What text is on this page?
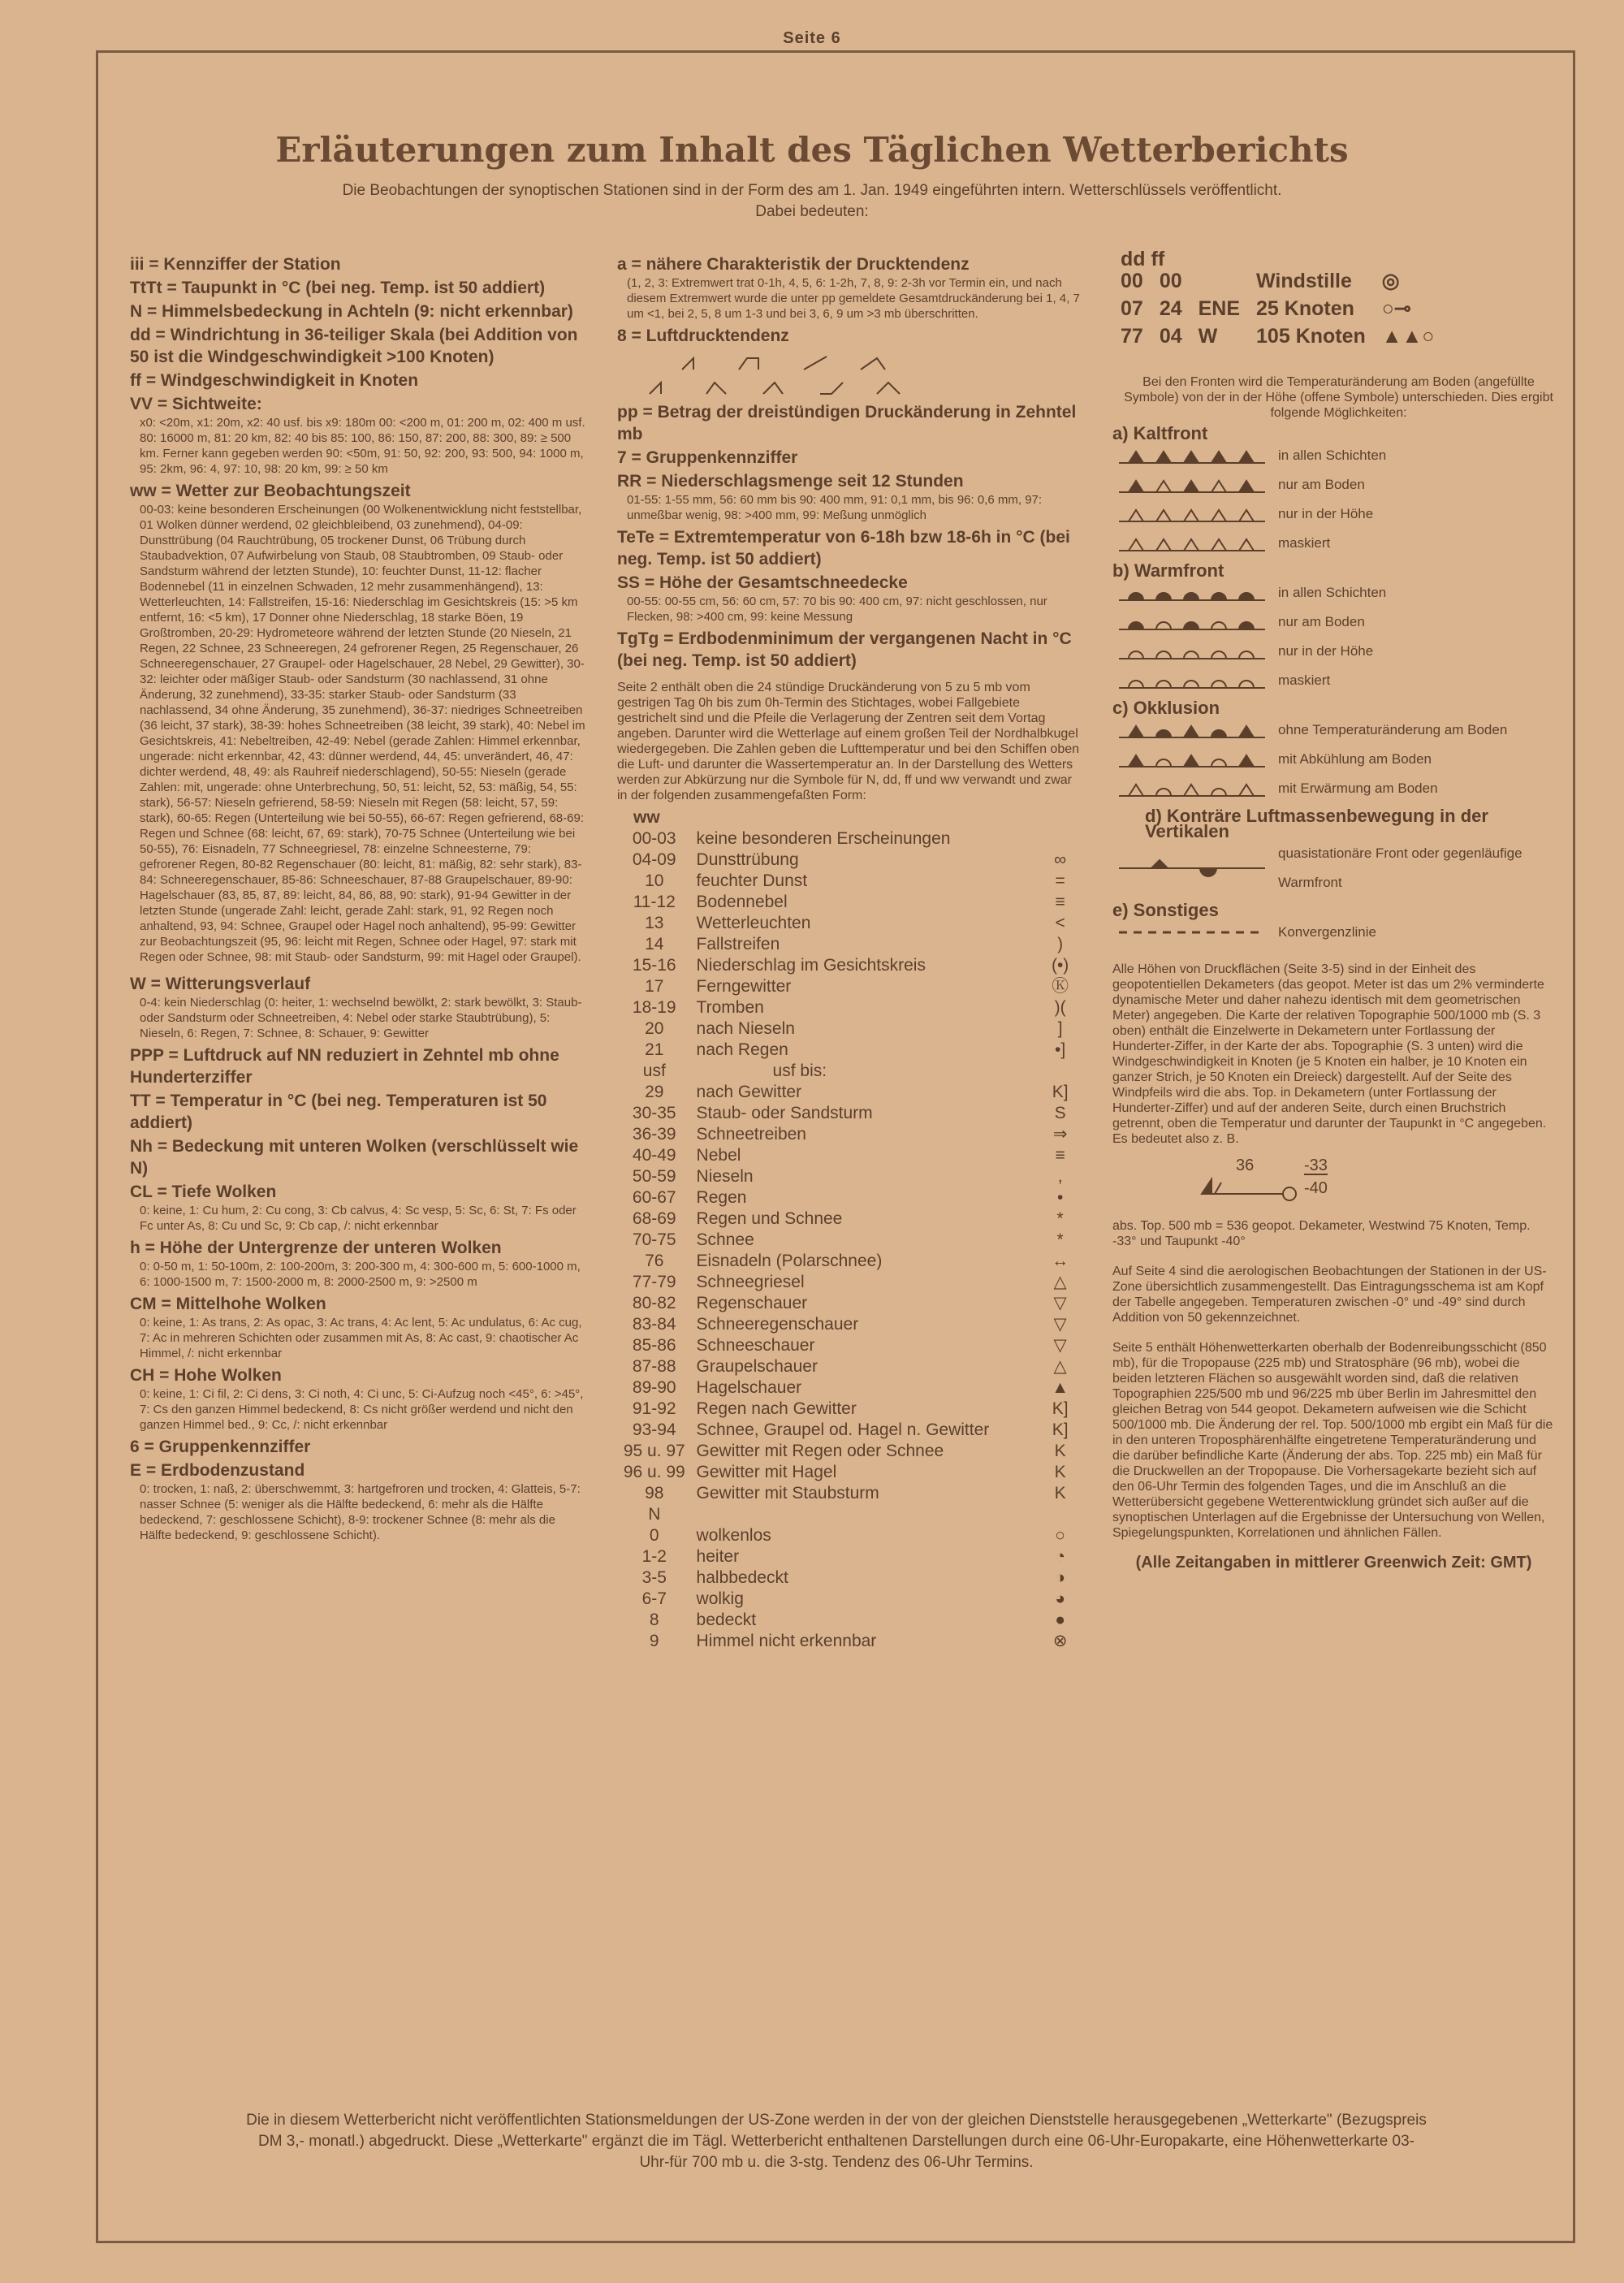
Seite 6
Erläuterungen zum Inhalt des Täglichen Wetterberichts
Die Beobachtungen der synoptischen Stationen sind in der Form des am 1. Jan. 1949 eingeführten intern. Wetterschlüssels veröffentlicht.
Dabei bedeuten:
iii = Kennziffer der Station
TtTt = Taupunkt in °C (bei neg. Temp. ist 50 addiert)
N = Himmelsbedeckung in Achteln (9: nicht erkennbar)
dd = Windrichtung in 36-teiliger Skala (bei Addition von 50 ist die Windgeschwindigkeit >100 Knoten)
ff = Windgeschwindigkeit in Knoten
VV = Sichtweite:
x0: <20m, x1: 20m, x2: 40 usf. bis x9: 180m 00: <200 m, 01: 200 m, 02: 400 m usf. 80: 16000 m, 81: 20 km, 82: 40 bis 85: 100, 86: 150, 87: 200, 88: 300, 89: ≥ 500 km. Ferner kann gegeben werden 90: <50m, 91: 50, 92: 200, 93: 500, 94: 1000 m, 95: 2km, 96: 4, 97: 10, 98: 20 km, 99: ≥ 50 km
ww = Wetter zur Beobachtungszeit
00-03: keine besonderen Erscheinungen (00 Wolkenentwicklung nicht feststellbar, 01 Wolken dünner werdend, 02 gleichbleibend, 03 zunehmend), 04-09: Dunsttrübung (04 Rauchtrübung, 05 trockener Dunst, 06 Trübung durch Staubadvektion, 07 Aufwirbelung von Staub, 08 Staubtromben, 09 Staub- oder Sandsturm während der letzten Stunde), 10: feuchter Dunst, 11-12: flacher Bodennebel (11 in einzelnen Schwaden, 12 mehr zusammenhängend), 13: Wetterleuchten, 14: Fallstreifen, 15-16: Niederschlag im Gesichtskreis (15: >5 km entfernt, 16: <5 km), 17 Donner ohne Niederschlag, 18 starke Böen, 19 Großtromben, 20-29: Hydrometeore während der letzten Stunde (20 Nieseln, 21 Regen, 22 Schnee, 23 Schneeregen, 24 gefrorener Regen, 25 Regenschauer, 26 Schneeregenschauer, 27 Graupel- oder Hagelschauer, 28 Nebel, 29 Gewitter), 30-32: leichter oder mäßiger Staub- oder Sandsturm (30 nachlassend, 31 ohne Änderung, 32 zunehmend), 33-35: starker Staub- oder Sandsturm (33 nachlassend, 34 ohne Änderung, 35 zunehmend), 36-37: niedriges Schneetreiben (36 leicht, 37 stark), 38-39: hohes Schneetreiben (38 leicht, 39 stark), 40: Nebel im Gesichtskreis, 41: Nebeltreiben, 42-49: Nebel (gerade Zahlen: Himmel erkennbar, ungerade: nicht erkennbar, 42, 43: dünner werdend, 44, 45: unverändert, 46, 47: dichter werdend, 48, 49: als Rauhreif niederschlagend), 50-55: Nieseln (gerade Zahlen: mit, ungerade: ohne Unterbrechung, 50, 51: leicht, 52, 53: mäßig, 54, 55: stark), 56-57: Nieseln gefrierend, 58-59: Nieseln mit Regen (58: leicht, 57, 59: stark), 60-65: Regen (Unterteilung wie bei 50-55), 66-67: Regen gefrierend, 68-69: Regen und Schnee (68: leicht, 67, 69: stark), 70-75 Schnee (Unterteilung wie bei 50-55), 76: Eisnadeln, 77 Schneegriesel, 78: einzelne Schneesterne, 79: gefrorener Regen, 80-82 Regenschauer (80: leicht, 81: mäßig, 82: sehr stark), 83-84: Schneeregenschauer, 85-86: Schneeschauer, 87-88 Graupelschauer, 89-90: Hagelschauer (83, 85, 87, 89: leicht, 84, 86, 88, 90: stark), 91-94 Gewitter in der letzten Stunde (ungerade Zahl: leicht, gerade Zahl: stark, 91, 92 Regen noch anhaltend, 93, 94: Schnee, Graupel oder Hagel noch anhaltend), 95-99: Gewitter zur Beobachtungszeit (95, 96: leicht mit Regen, Schnee oder Hagel, 97: stark mit Regen oder Schnee, 98: mit Staub- oder Sandsturm, 99: mit Hagel oder Graupel).
W = Witterungsverlauf
0-4: kein Niederschlag (0: heiter, 1: wechselnd bewölkt, 2: stark bewölkt, 3: Staub- oder Sandsturm oder Schneetreiben, 4: Nebel oder starke Staubtrübung), 5: Nieseln, 6: Regen, 7: Schnee, 8: Schauer, 9: Gewitter
PPP = Luftdruck auf NN reduziert in Zehntel mb ohne Hunderterziffer
TT = Temperatur in °C (bei neg. Temperaturen ist 50 addiert)
Nh = Bedeckung mit unteren Wolken (verschlüsselt wie N)
CL = Tiefe Wolken
0: keine, 1: Cu hum, 2: Cu cong, 3: Cb calvus, 4: Sc vesp, 5: Sc, 6: St, 7: Fs oder Fc unter As, 8: Cu und Sc, 9: Cb cap, /: nicht erkennbar
h = Höhe der Untergrenze der unteren Wolken
0: 0-50 m, 1: 50-100m, 2: 100-200m, 3: 200-300 m, 4: 300-600 m, 5: 600-1000 m, 6: 1000-1500 m, 7: 1500-2000 m, 8: 2000-2500 m, 9: >2500 m
CM = Mittelhohe Wolken
0: keine, 1: As trans, 2: As opac, 3: Ac trans, 4: Ac lent, 5: Ac undulatus, 6: Ac cug, 7: Ac in mehreren Schichten oder zusammen mit As, 8: Ac cast, 9: chaotischer Ac Himmel, /: nicht erkennbar
CH = Hohe Wolken
0: keine, 1: Ci fil, 2: Ci dens, 3: Ci noth, 4: Ci unc, 5: Ci-Aufzug noch <45°, 6: >45°, 7: Cs den ganzen Himmel bedeckend, 8: Cs nicht größer werdend und nicht den ganzen Himmel bed., 9: Cc, /: nicht erkennbar
6 = Gruppenkennziffer
E = Erdbodenzustand
0: trocken, 1: naß, 2: überschwemmt, 3: hartgefroren und trocken, 4: Glatteis, 5-7: nasser Schnee (5: weniger als die Hälfte bedeckend, 6: mehr als die Hälfte bedeckend, 7: geschlossene Schicht), 8-9: trockener Schnee (8: mehr als die Hälfte bedeckend, 9: geschlossene Schicht).
a = nähere Charakteristik der Drucktendenz
(1, 2, 3: Extremwert trat 0-1h, 4, 5, 6: 1-2h, 7, 8, 9: 2-3h vor Termin ein, und nach diesem Extremwert wurde die unter pp gemeldete Gesamtdruckänderung bei 1, 4, 7 um <1, bei 2, 5, 8 um 1-3 und bei 3, 6, 9 um >3 mb überschritten.
8 = Luftdrucktendenz
pp = Betrag der dreistündigen Druckänderung in Zehntel mb
7 = Gruppenkennziffer
RR = Niederschlagsmenge seit 12 Stunden
01-55: 1-55 mm, 56: 60 mm bis 90: 400 mm, 91: 0,1 mm, bis 96: 0,6 mm, 97: unmeßbar wenig, 98: >400 mm, 99: Meßung unmöglich
TeTe = Extremtemperatur von 6-18h bzw 18-6h in °C (bei neg. Temp. ist 50 addiert)
SS = Höhe der Gesamtschneedecke
00-55: 00-55 cm, 56: 60 cm, 57: 70 bis 90: 400 cm, 97: nicht geschlossen, nur Flecken, 98: >400 cm, 99: keine Messung
TgTg = Erdbodenminimum der vergangenen Nacht in °C (bei neg. Temp. ist 50 addiert)
Seite 2 enthält oben die 24 stündige Druckänderung von 5 zu 5 mb vom gestrigen Tag 0h bis zum 0h-Termin des Stichtages, wobei Fallgebiete gestrichelt sind und die Pfeile die Verlagerung der Zentren seit dem Vortag angeben. Darunter wird die Wetterlage auf einem großen Teil der Nordhalbkugel wiedergegeben. Die Zahlen geben die Lufttemperatur und bei den Schiffen oben die Luft- und darunter die Wassertemperatur an. In der Darstellung des Wetters werden zur Abkürzung nur die Symbole für N, dd, ff und ww verwandt und zwar in der folgenden zusammengefaßten Form:
ww
00-03	keine besonderen Erscheinungen	
04-09	Dunsttrübung	∞
10	feuchter Dunst	=
11-12	Bodennebel	≡
13	Wetterleuchten	<
14	Fallstreifen	)
15-16	Niederschlag im Gesichtskreis	(•)
17	Ferngewitter	Ⓚ
18-19	Tromben	)(
20	nach Nieseln	]
21	nach Regen	•]
usf	usf bis:	
29	nach Gewitter	K]
30-35	Staub- oder Sandsturm	S
36-39	Schneetreiben	⇒
40-49	Nebel	≡
50-59	Nieseln	,
60-67	Regen	•
68-69	Regen und Schnee	*
70-75	Schnee	*
76	Eisnadeln (Polarschnee)	↔
77-79	Schneegriesel	△
80-82	Regenschauer	▽
83-84	Schneeregenschauer	▽
85-86	Schneeschauer	▽
87-88	Graupelschauer	△
89-90	Hagelschauer	▲
91-92	Regen nach Gewitter	K]
93-94	Schnee, Graupel od. Hagel n. Gewitter	K]
95 u. 97	Gewitter mit Regen oder Schnee	K
96 u. 99	Gewitter mit Hagel	K
98	Gewitter mit Staubsturm	K
N		
0	wolkenlos	○
1-2	heiter	◔
3-5	halbbedeckt	◑
6-7	wolkig	◕
8	bedeckt	●
9	Himmel nicht erkennbar	⊗
dd ff
00	00		Windstille	◎
07	24	ENE	25 Knoten	○⊸
77	04	W	105 Knoten	▲▲○
Bei den Fronten wird die Temperaturänderung am Boden (angefüllte Symbole) von der in der Höhe (offene Symbole) unterschieden. Dies ergibt folgende Möglichkeiten:
a) Kaltfront
	in allen Schichten

	nur am Boden

	nur in der Höhe

	maskiert
b) Warmfront
	in allen Schichten

	nur am Boden

	nur in der Höhe

	maskiert
c) Okklusion
	ohne Temperaturänderung am Boden

	mit Abkühlung am Boden

	mit Erwärmung am Boden
d) Konträre Luftmassenbewegung in der Vertikalen
	quasistationäre Front oder gegenläufige Warmfront
e) Sonstiges
	Konvergenzlinie
Alle Höhen von Druckflächen (Seite 3-5) sind in der Einheit des geopotentiellen Dekameters (das geopot. Meter ist das um 2% verminderte dynamische Meter und daher nahezu identisch mit dem geometrischen Meter) angegeben. Die Karte der relativen Topographie 500/1000 mb (S. 3 oben) enthält die Einzelwerte in Dekametern unter Fortlassung der Hunderter-Ziffer, in der Karte der abs. Topographie (S. 3 unten) wird die Windgeschwindigkeit in Knoten (je 5 Knoten ein halber, je 10 Knoten ein ganzer Strich, je 50 Knoten ein Dreieck) dargestellt. Auf der Seite des Windpfeils wird die abs. Top. in Dekametern (unter Fortlassung der Hunderter-Ziffer) und auf der anderen Seite, durch einen Bruchstrich getrennt, oben die Temperatur und darunter der Taupunkt in °C angegeben. Es bedeutet also z. B.
36	-33
-40
abs. Top. 500 mb = 536 geopot. Dekameter, Westwind 75 Knoten, Temp. -33° und Taupunkt -40°
Auf Seite 4 sind die aerologischen Beobachtungen der Stationen in der US-Zone übersichtlich zusammengestellt. Das Eintragungsschema ist am Kopf der Tabelle angegeben. Temperaturen zwischen -0° und -49° sind durch Addition von 50 gekennzeichnet.
Seite 5 enthält Höhenwetterkarten oberhalb der Bodenreibungsschicht (850 mb), für die Tropopause (225 mb) und Stratosphäre (96 mb), wobei die beiden letzteren Flächen so ausgewählt worden sind, daß die relativen Topographien 225/500 mb und 96/225 mb über Berlin im Jahresmittel den gleichen Betrag von 544 geopot. Dekametern aufweisen wie die Schicht 500/1000 mb. Die Änderung der rel. Top. 500/1000 mb ergibt ein Maß für die in den unteren Troposphärenhälfte eingetretene Temperaturänderung und die darüber befindliche Karte (Änderung der abs. Top. 225 mb) ein Maß für die Druckwellen an der Tropopause. Die Vorhersagekarte bezieht sich auf den 06-Uhr Termin des folgenden Tages, und die im Anschluß an die Wetterübersicht gegebene Wetterentwicklung gründet sich außer auf die synoptischen Unterlagen auf die Ergebnisse der Untersuchung von Wellen, Spiegelungspunkten, Korrelationen und ähnlichen Fällen.
(Alle Zeitangaben in mittlerer Greenwich Zeit: GMT)
Die in diesem Wetterbericht nicht veröffentlichten Stationsmeldungen der US-Zone werden in der von der gleichen Dienststelle herausgegebenen „Wetterkarte" (Bezugspreis DM 3,- monatl.) abgedruckt. Diese „Wetterkarte" ergänzt die im Tägl. Wetterbericht enthaltenen Darstellungen durch eine 06-Uhr-Europakarte, eine Höhenwetterkarte 03-Uhr-für 700 mb u. die 3-stg. Tendenz des 06-Uhr Termins.
